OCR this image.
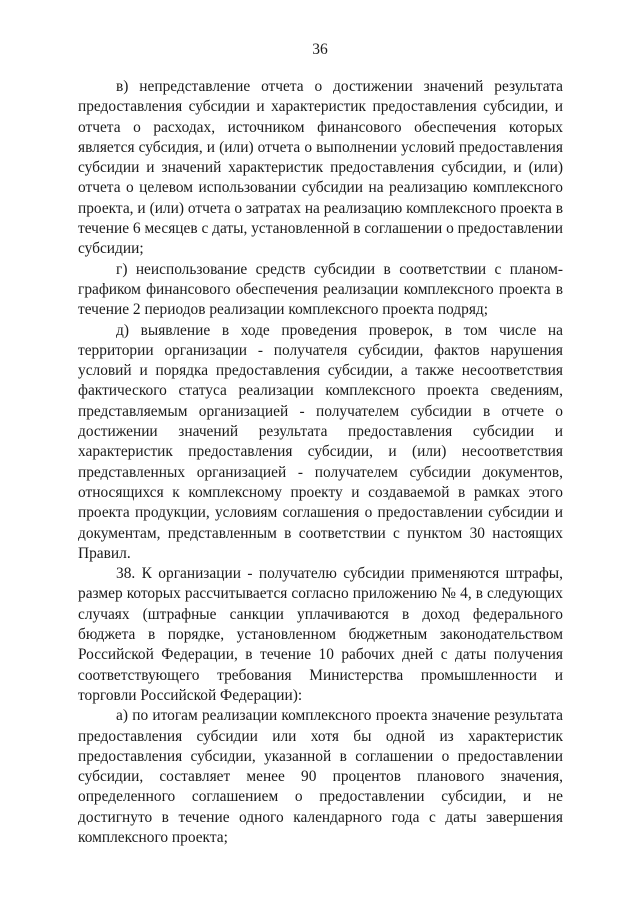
36

в) непредставление отчета о достижении значений результата предоставления субсидии и характеристик предоставления субсидии, и отчета о расходах, источником финансового обеспечения которых является субсидия, и (или) отчета о выполнении условий предоставления субсидии и значений характеристик предоставления субсидии, и (или) отчета о целевом использовании субсидии на реализацию комплексного проекта, и (или) отчета о затратах на реализацию комплексного проекта в течение 6 месяцев с даты, установленной в соглашении о предоставлении субсидии;

г) неиспользование средств субсидии в соответствии с планом-графиком финансового обеспечения реализации комплексного проекта в течение 2 периодов реализации комплексного проекта подряд;

д) выявление в ходе проведения проверок, в том числе на территории организации - получателя субсидии, фактов нарушения условий и порядка предоставления субсидии, а также несоответствия фактического статуса реализации комплексного проекта сведениям, представляемым организацией - получателем субсидии в отчете о достижении значений результата предоставления субсидии и характеристик предоставления субсидии, и (или) несоответствия представленных организацией - получателем субсидии документов, относящихся к комплексному проекту и создаваемой в рамках этого проекта продукции, условиям соглашения о предоставлении субсидии и документам, представленным в соответствии с пунктом 30 настоящих Правил.

38. К организации - получателю субсидии применяются штрафы, размер которых рассчитывается согласно приложению № 4, в следующих случаях (штрафные санкции уплачиваются в доход федерального бюджета в порядке, установленном бюджетным законодательством Российской Федерации, в течение 10 рабочих дней с даты получения соответствующего требования Министерства промышленности и торговли Российской Федерации):

а) по итогам реализации комплексного проекта значение результата предоставления субсидии или хотя бы одной из характеристик предоставления субсидии, указанной в соглашении о предоставлении субсидии, составляет менее 90 процентов планового значения, определенного соглашением о предоставлении субсидии, и не достигнуто в течение одного календарного года с даты завершения комплексного проекта;
